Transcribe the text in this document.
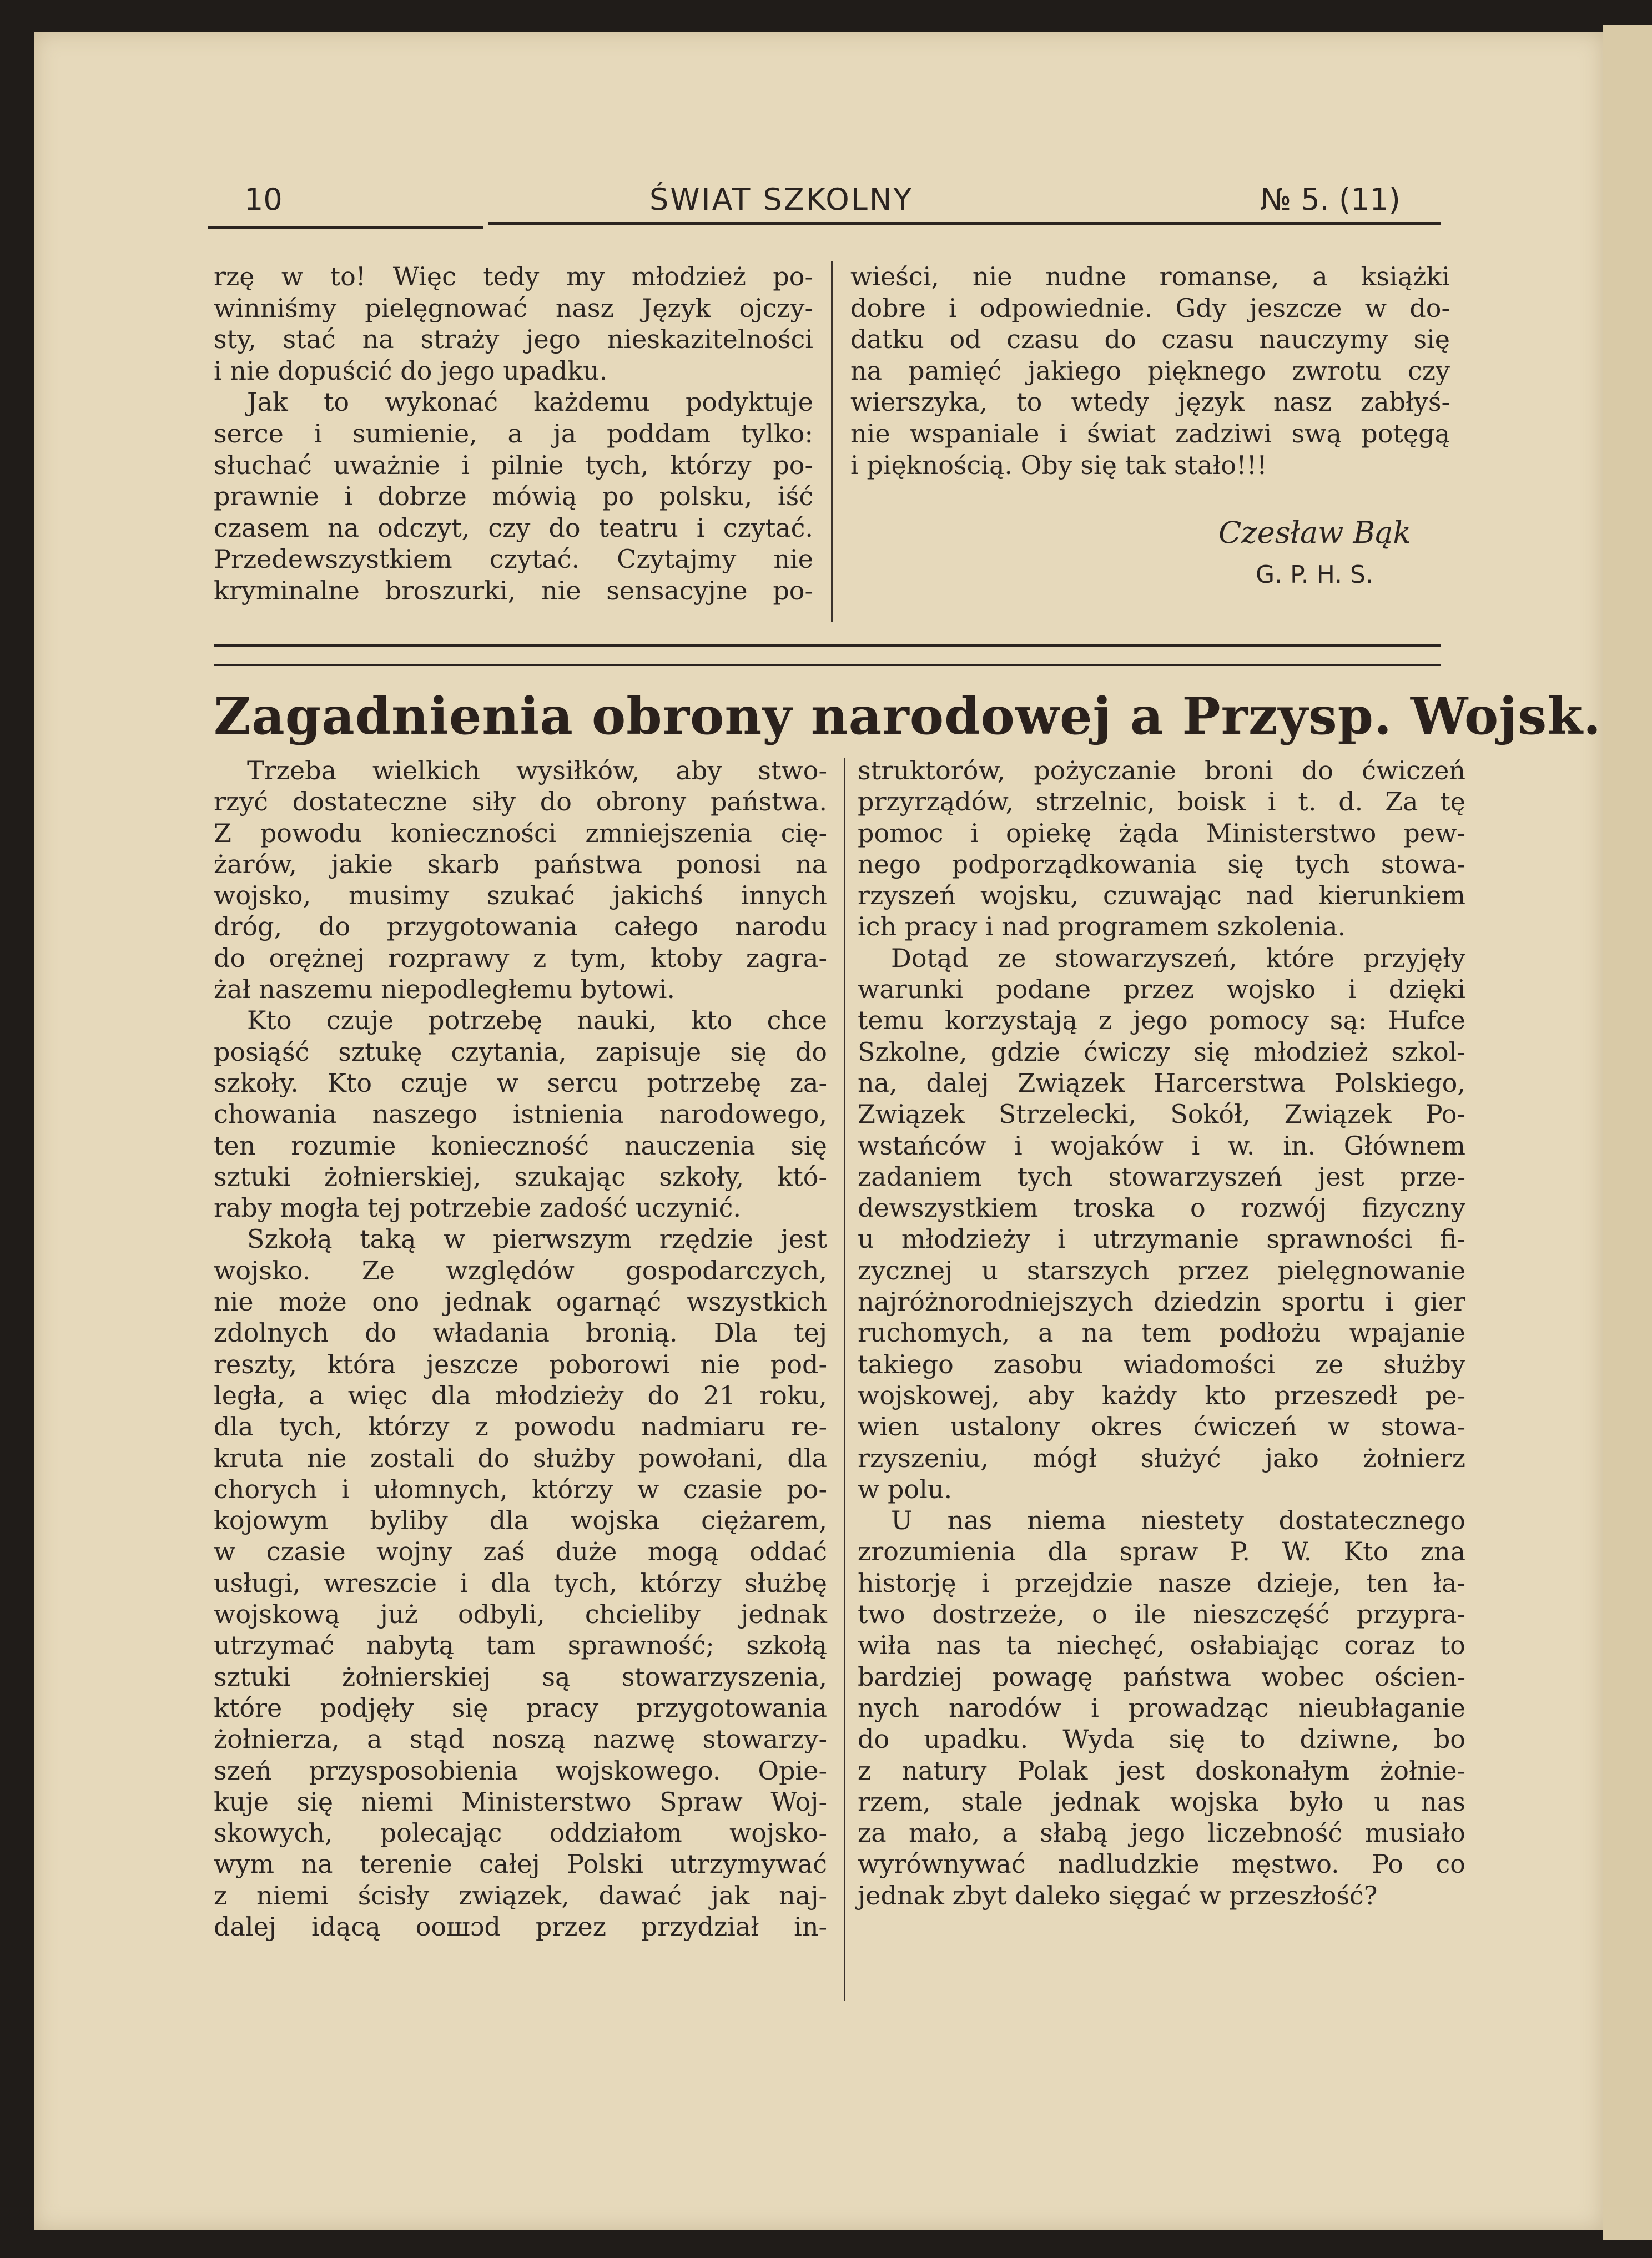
10	ŚWIAT SZKOLNY	№ 5. (11)

rzę w to! Więc tedy my młodzież po-

winniśmy pielęgnować nasz Język ojczy-

sty, stać na straży jego nieskazitelności

i nie dopuścić do jego upadku.

Jak to wykonać każdemu podyktuje

serce i sumienie, a ja poddam tylko:

słuchać uważnie i pilnie tych, którzy po-

prawnie i dobrze mówią po polsku, iść

czasem na odczyt, czy do teatru i czytać.

Przedewszystkiem czytać. Czytajmy nie

kryminalne broszurki, nie sensacyjne po-

wieści, nie nudne romanse, a książki

dobre i odpowiednie. Gdy jeszcze w do-

datku od czasu do czasu nauczymy się

na pamięć jakiego pięknego zwrotu czy

wierszyka, to wtedy język nasz zabłyś-

nie wspaniale i świat zadziwi swą potęgą

i pięknością. Oby się tak stało!!!

Czesław Bąk
G. P. H. S.
Zagadnienia obrony narodowej a Przysp. Wojsk.

Trzeba wielkich wysiłków, aby stwo-

rzyć dostateczne siły do obrony państwa.

Z powodu konieczności zmniejszenia cię-

żarów, jakie skarb państwa ponosi na

wojsko, musimy szukać jakichś innych

dróg, do przygotowania całego narodu

do orężnej rozprawy z tym, ktoby zagra-

żał naszemu niepodległemu bytowi.

Kto czuje potrzebę nauki, kto chce

posiąść sztukę czytania, zapisuje się do

szkoły. Kto czuje w sercu potrzebę za-

chowania naszego istnienia narodowego,

ten rozumie konieczność nauczenia się

sztuki żołnierskiej, szukając szkoły, któ-

raby mogła tej potrzebie zadość uczynić.

Szkołą taką w pierwszym rzędzie jest

wojsko. Ze względów gospodarczych,

nie może ono jednak ogarnąć wszystkich

zdolnych do władania bronią. Dla tej

reszty, która jeszcze poborowi nie pod-

legła, a więc dla młodzieży do 21 roku,

dla tych, którzy z powodu nadmiaru re-

kruta nie zostali do służby powołani, dla

chorych i ułomnych, którzy w czasie po-

kojowym byliby dla wojska ciężarem,

w czasie wojny zaś duże mogą oddać

usługi, wreszcie i dla tych, którzy służbę

wojskową już odbyli, chcieliby jednak

utrzymać nabytą tam sprawność; szkołą

sztuki żołnierskiej są stowarzyszenia,

które podjęły się pracy przygotowania

żołnierza, a stąd noszą nazwę stowarzy-

szeń przysposobienia wojskowego. Opie-

kuje się niemi Ministerstwo Spraw Woj-

skowych, polecając oddziałom wojsko-

wym na terenie całej Polski utrzymywać

z niemi ścisły związek, dawać jak naj-

dalej idącą ooшɔd przez przydział in-

struktorów, pożyczanie broni do ćwiczeń

przyrządów, strzelnic, boisk i t. d. Za tę

pomoc i opiekę żąda Ministerstwo pew-

nego podporządkowania się tych stowa-

rzyszeń wojsku, czuwając nad kierunkiem

ich pracy i nad programem szkolenia.

Dotąd ze stowarzyszeń, które przyjęły

warunki podane przez wojsko i dzięki

temu korzystają z jego pomocy są: Hufce

Szkolne, gdzie ćwiczy się młodzież szkol-

na, dalej Związek Harcerstwa Polskiego,

Związek Strzelecki, Sokół, Związek Po-

wstańców i wojaków i w. in. Głównem

zadaniem tych stowarzyszeń jest prze-

dewszystkiem troska o rozwój fizyczny

u młodzieży i utrzymanie sprawności fi-

zycznej u starszych przez pielęgnowanie

najróżnorodniejszych dziedzin sportu i gier

ruchomych, a na tem podłożu wpajanie

takiego zasobu wiadomości ze służby

wojskowej, aby każdy kto przeszedł pe-

wien ustalony okres ćwiczeń w stowa-

rzyszeniu, mógł służyć jako żołnierz

w polu.

U nas niema niestety dostatecznego

zrozumienia dla spraw P. W. Kto zna

historję i przejdzie nasze dzieje, ten ła-

two dostrzeże, o ile nieszczęść przypra-

wiła nas ta niechęć, osłabiając coraz to

bardziej powagę państwa wobec ościen-

nych narodów i prowadząc nieubłaganie

do upadku. Wyda się to dziwne, bo

z natury Polak jest doskonałym żołnie-

rzem, stale jednak wojska było u nas

za mało, a słabą jego liczebność musiało

wyrównywać nadludzkie męstwo. Po co

jednak zbyt daleko sięgać w przeszłość?
